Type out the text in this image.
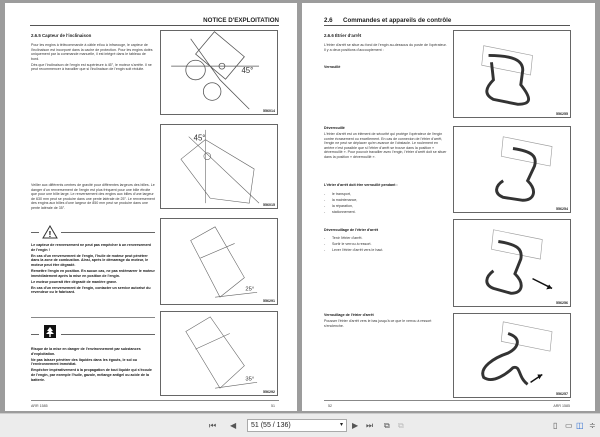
NOTICE D'EXPLOITATION
2.6.5 Capteur de l'inclinaison

Pour les engins à télécommande à câble et/ou à infrarouge, le capteur de l'inclinaison est incorporé dans la cache de protection. Pour les engins dotés uniquement par la commande manuelle, il est intégré dans le tableau de bord.

Dès que l'inclinaison de l'engin est supérieure à 45°, le moteur s'arrête. Il ne peut recommencer à travailler que si l'inclinaison de l'engin soit réduite.

Veiller aux différents centres de gravité pour différentes largeurs des billes. Le danger d'un renversement de l'engin est plus fréquent pour une bille étroite que pour une bille large. Le renversement des engins aux billes d'une largeur de 630 mm peut se produire dans une pente latérale de 25°. Le renversement des engins aux billes d'une largeur de 850 mm peut se produire dans une pente latérale de 35°.
!

Le capteur de renversement ne peut pas empêcher à un renversement de l'engin !

En cas d'un renversement de l'engin, l'huile de moteur peut pénétrer dans la zone de combustion. Ainsi, après le démarrage du moteur, le moteur peut être dégradé.

Remettre l'engin en position. En aucun cas, ne pas redémarrer le moteur immédiatement après la mise en position de l'engin.

Le moteur pourrait être dégradé de manière grave.

En cas d'un renversement de l'engin, contacter un service autorisé du revendeur ou le fabricant.

Risque de la mise en danger de l'environnement par substances d'exploitation.

Ne pas laisser pénétrer des liquides dans les égouts, le sol ou l'environnement immédiat.

Empêcher impérativement à la propagation de tout liquide qui s'écoule de l'engin, par exemple l'huile, gazole, mélange antigel ou acide de la batterie.

ARR 1585	51
45°
556014
45°
556015
25°
556291
35°
556292
2.6 Commandes et appareils de contrôle
2.6.6 Étrier d'arrêt
L'étrier d'arrêt se situe au fond de l'engin au-dessous du poste de l'opérateur. Il y a deux positions d'accouplement :
Verrouillé
Déverrouillé
L'étrier d'arrêt est un élément de sécurité qui protège l'opérateur de l'engin contre écrasement ou encellement. En cas de connexion de l'étrier d'arrêt, l'engin ne peut se déplacer qu'en avance de l'obstacle. Le roulement en arrière n'est possible que si l'étrier d'arrêt se trouve dans la position « déverrouillé ». Pour pouvoir travailler avec l'engin, l'étrier d'arrêt doit se situer dans la position « déverrouillé ».
L'étrier d'arrêt doit être verrouillé pendant :
- le transport,
- la maintenance,
- la réparation,
- stationnement.
Déverrouillage de l'étrier d'arrêt
- Tenir l'étrier d'arrêt.
- Sortir le verrou à ressort.
- Lever l'étrier d'arrêt vers le haut.
Verrouillage de l'étrier d'arrêt
Pousser l'étrier d'arrêt vers le bas jusqu'à ce que le verrou à ressort s'enclenche.
52	ARR 1585
556255
556254
556256
556257
⏮ ◀	51 (55 / 136)	▾ ▶ ⏭ ⧉ ⧉	▯ ▭ ◫ ≑
